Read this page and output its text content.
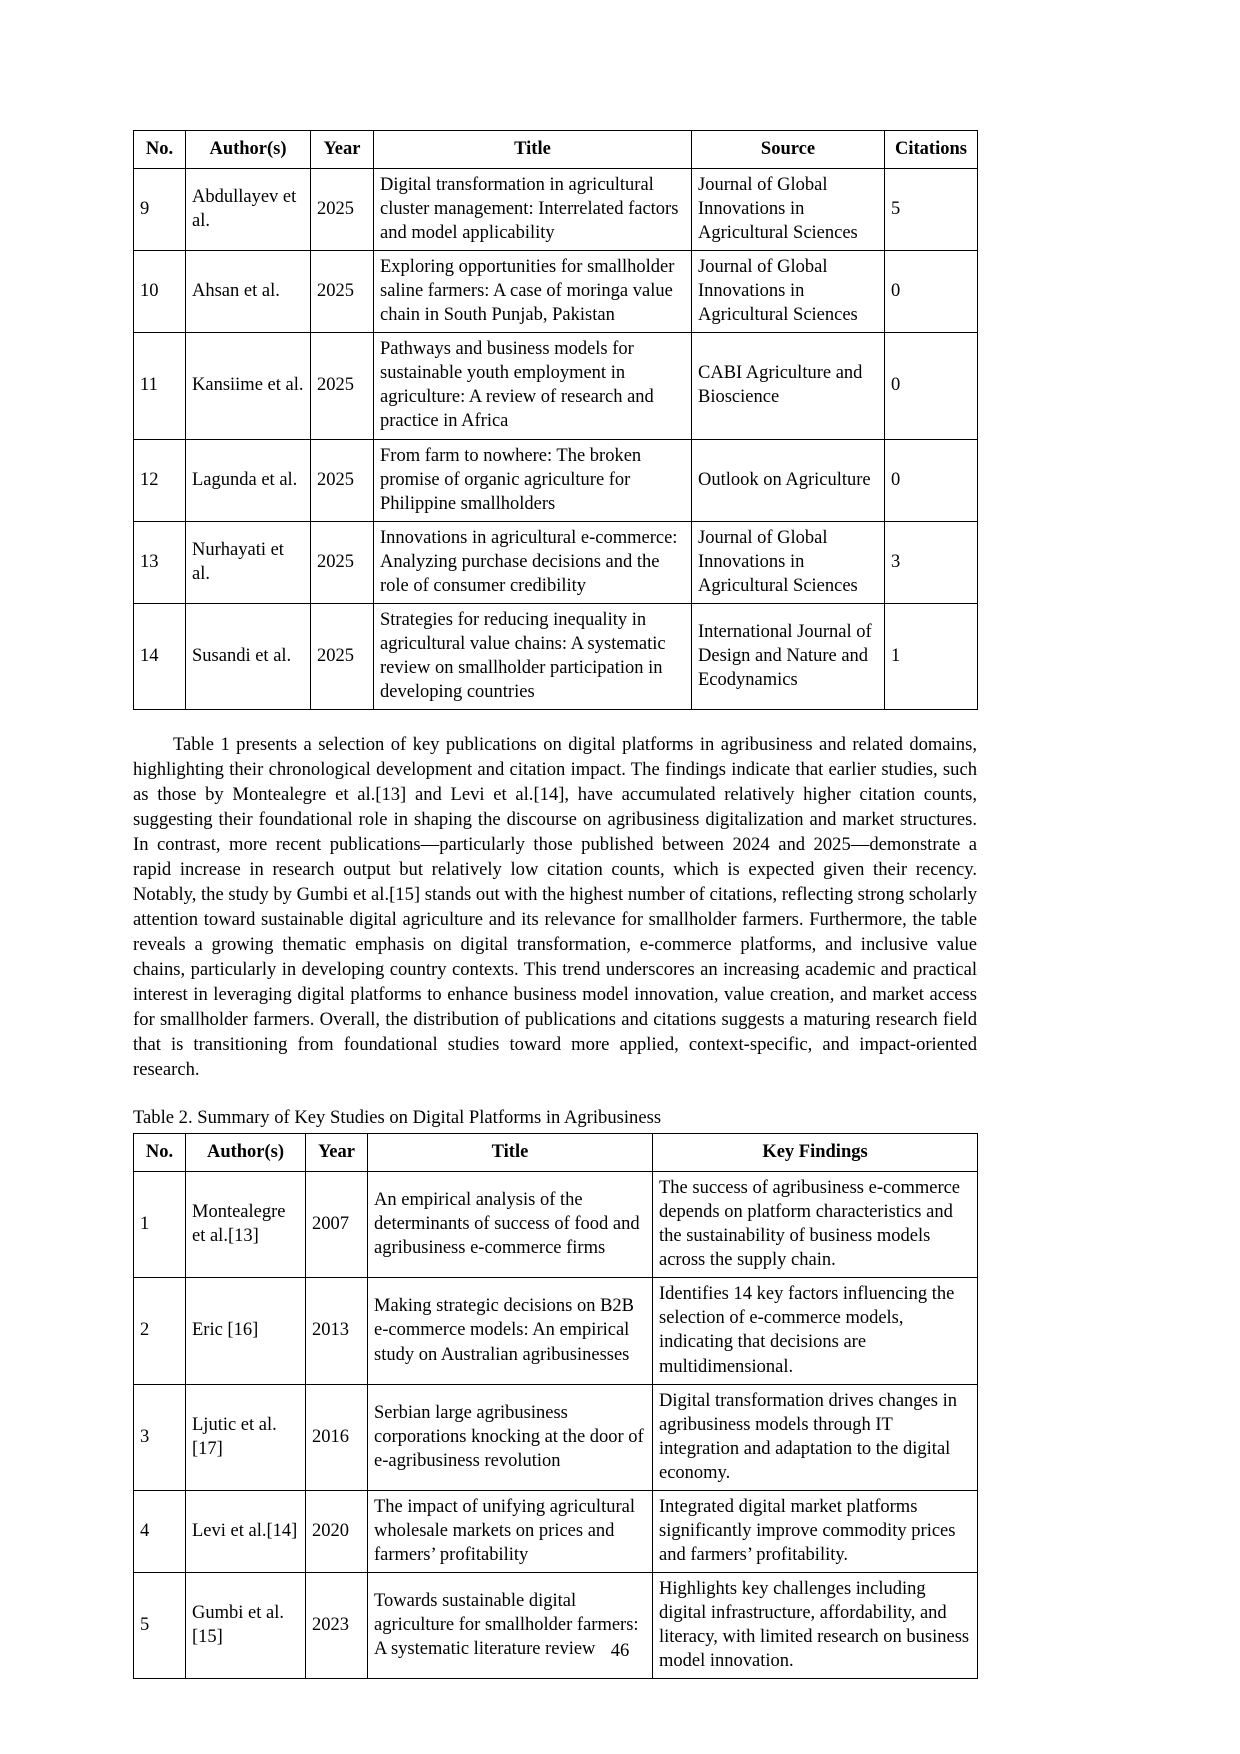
No.	Author(s)	Year	Title	Source	Citations
9	Abdullayev et al.	2025	Digital transformation in agricultural cluster management: Interrelated factors and model applicability	Journal of Global Innovations in Agricultural Sciences	5
10	Ahsan et al.	2025	Exploring opportunities for smallholder saline farmers: A case of moringa value chain in South Punjab, Pakistan	Journal of Global Innovations in Agricultural Sciences	0
11	Kansiime et al.	2025	Pathways and business models for sustainable youth employment in agriculture: A review of research and practice in Africa	CABI Agriculture and Bioscience	0
12	Lagunda et al.	2025	From farm to nowhere: The broken promise of organic agriculture for Philippine smallholders	Outlook on Agriculture	0
13	Nurhayati et al.	2025	Innovations in agricultural e-commerce: Analyzing purchase decisions and the role of consumer credibility	Journal of Global Innovations in Agricultural Sciences	3
14	Susandi et al.	2025	Strategies for reducing inequality in agricultural value chains: A systematic review on smallholder participation in developing countries	International Journal of Design and Nature and Ecodynamics	1

Table 1 presents a selection of key publications on digital platforms in agribusiness and related domains, highlighting their chronological development and citation impact. The findings indicate that earlier studies, such as those by Montealegre et al.[13] and Levi et al.[14], have accumulated relatively higher citation counts, suggesting their foundational role in shaping the discourse on agribusiness digitalization and market structures. In contrast, more recent publications—particularly those published between 2024 and 2025—demonstrate a rapid increase in research output but relatively low citation counts, which is expected given their recency. Notably, the study by Gumbi et al.[15] stands out with the highest number of citations, reflecting strong scholarly attention toward sustainable digital agriculture and its relevance for smallholder farmers. Furthermore, the table reveals a growing thematic emphasis on digital transformation, e-commerce platforms, and inclusive value chains, particularly in developing country contexts. This trend underscores an increasing academic and practical interest in leveraging digital platforms to enhance business model innovation, value creation, and market access for smallholder farmers. Overall, the distribution of publications and citations suggests a maturing research field that is transitioning from foundational studies toward more applied, context-specific, and impact-oriented research.

Table 2. Summary of Key Studies on Digital Platforms in Agribusiness
No.	Author(s)	Year	Title	Key Findings
1	Montealegre et al.[13]	2007	An empirical analysis of the determinants of success of food and agribusiness e-commerce firms	The success of agribusiness e-commerce depends on platform characteristics and the sustainability of business models across the supply chain.
2	Eric [16]	2013	Making strategic decisions on B2B e-commerce models: An empirical study on Australian agribusinesses	Identifies 14 key factors influencing the selection of e-commerce models, indicating that decisions are multidimensional.
3	Ljutic et al.[17]	2016	Serbian large agribusiness corporations knocking at the door of e-agribusiness revolution	Digital transformation drives changes in agribusiness models through IT integration and adaptation to the digital economy.
4	Levi et al.[14]	2020	The impact of unifying agricultural wholesale markets on prices and farmers’ profitability	Integrated digital market platforms significantly improve commodity prices and farmers’ profitability.
5	Gumbi et al.[15]	2023	Towards sustainable digital agriculture for smallholder farmers: A systematic literature review	Highlights key challenges including digital infrastructure, affordability, and literacy, with limited research on business model innovation.
46
